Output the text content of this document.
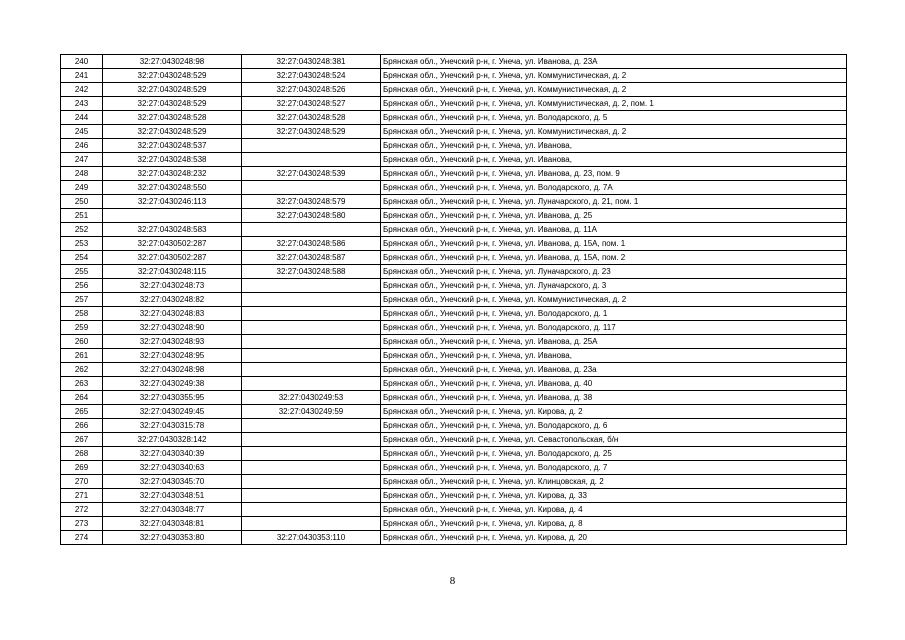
240	32:27:0430248:98	32:27:0430248:381	Брянская обл., Унечский р-н, г. Унеча, ул. Иванова, д. 23А
241	32:27:0430248:529	32:27:0430248:524	Брянская обл., Унечский р-н, г. Унеча, ул. Коммунистическая, д. 2
242	32:27:0430248:529	32:27:0430248:526	Брянская обл., Унечский р-н, г. Унеча, ул. Коммунистическая, д. 2
243	32:27:0430248:529	32:27:0430248:527	Брянская обл., Унечский р-н, г. Унеча, ул. Коммунистическая, д. 2, пом. 1
244	32:27:0430248:528	32:27:0430248:528	Брянская обл., Унечский р-н, г. Унеча, ул. Володарского, д. 5
245	32:27:0430248:529	32:27:0430248:529	Брянская обл., Унечский р-н, г. Унеча, ул. Коммунистическая, д. 2
246	32:27:0430248:537		Брянская обл., Унечский р-н, г. Унеча, ул. Иванова,
247	32:27:0430248:538		Брянская обл., Унечский р-н, г. Унеча, ул. Иванова,
248	32:27:0430248:232	32:27:0430248:539	Брянская обл., Унечский р-н, г. Унеча, ул. Иванова, д. 23, пом. 9
249	32:27:0430248:550		Брянская обл., Унечский р-н, г. Унеча, ул. Володарского, д. 7А
250	32:27:0430246:113	32:27:0430248:579	Брянская обл., Унечский р-н, г. Унеча, ул. Луначарского, д. 21, пом. 1
251		32:27:0430248:580	Брянская обл., Унечский р-н, г. Унеча, ул. Иванова, д. 25
252	32:27:0430248:583		Брянская обл., Унечский р-н, г. Унеча, ул. Иванова, д. 11А
253	32:27:0430502:287	32:27:0430248:586	Брянская обл., Унечский р-н, г. Унеча, ул. Иванова, д. 15А, пом. 1
254	32:27:0430502:287	32:27:0430248:587	Брянская обл., Унечский р-н, г. Унеча, ул. Иванова, д. 15А, пом. 2
255	32:27:0430248:115	32:27:0430248:588	Брянская обл., Унечский р-н, г. Унеча, ул. Луначарского, д. 23
256	32:27:0430248:73		Брянская обл., Унечский р-н, г. Унеча, ул. Луначарского, д. 3
257	32:27:0430248:82		Брянская обл., Унечский р-н, г. Унеча, ул. Коммунистическая, д. 2
258	32:27:0430248:83		Брянская обл., Унечский р-н, г. Унеча, ул. Володарского, д. 1
259	32:27:0430248:90		Брянская обл., Унечский р-н, г. Унеча, ул. Володарского, д. 117
260	32:27:0430248:93		Брянская обл., Унечский р-н, г. Унеча, ул. Иванова, д. 25А
261	32:27:0430248:95		Брянская обл., Унечский р-н, г. Унеча, ул. Иванова,
262	32:27:0430248:98		Брянская обл., Унечский р-н, г. Унеча, ул. Иванова, д. 23а
263	32:27:0430249:38		Брянская обл., Унечский р-н, г. Унеча, ул. Иванова, д. 40
264	32:27:0430355:95	32:27:0430249:53	Брянская обл., Унечский р-н, г. Унеча, ул. Иванова, д. 38
265	32:27:0430249:45	32:27:0430249:59	Брянская обл., Унечский р-н, г. Унеча, ул. Кирова, д. 2
266	32:27:0430315:78		Брянская обл., Унечский р-н, г. Унеча, ул. Володарского, д. 6
267	32:27:0430328:142		Брянская обл., Унечский р-н, г. Унеча, ул. Севастопольская, б/н
268	32:27:0430340:39		Брянская обл., Унечский р-н, г. Унеча, ул. Володарского, д. 25
269	32:27:0430340:63		Брянская обл., Унечский р-н, г. Унеча, ул. Володарского, д. 7
270	32:27:0430345:70		Брянская обл., Унечский р-н, г. Унеча, ул. Клинцовская, д. 2
271	32:27:0430348:51		Брянская обл., Унечский р-н, г. Унеча, ул. Кирова, д. 33
272	32:27:0430348:77		Брянская обл., Унечский р-н, г. Унеча, ул. Кирова, д. 4
273	32:27:0430348:81		Брянская обл., Унечский р-н, г. Унеча, ул. Кирова, д. 8
274	32:27:0430353:80	32:27:0430353:110	Брянская обл., Унечский р-н, г. Унеча, ул. Кирова, д. 20
8
